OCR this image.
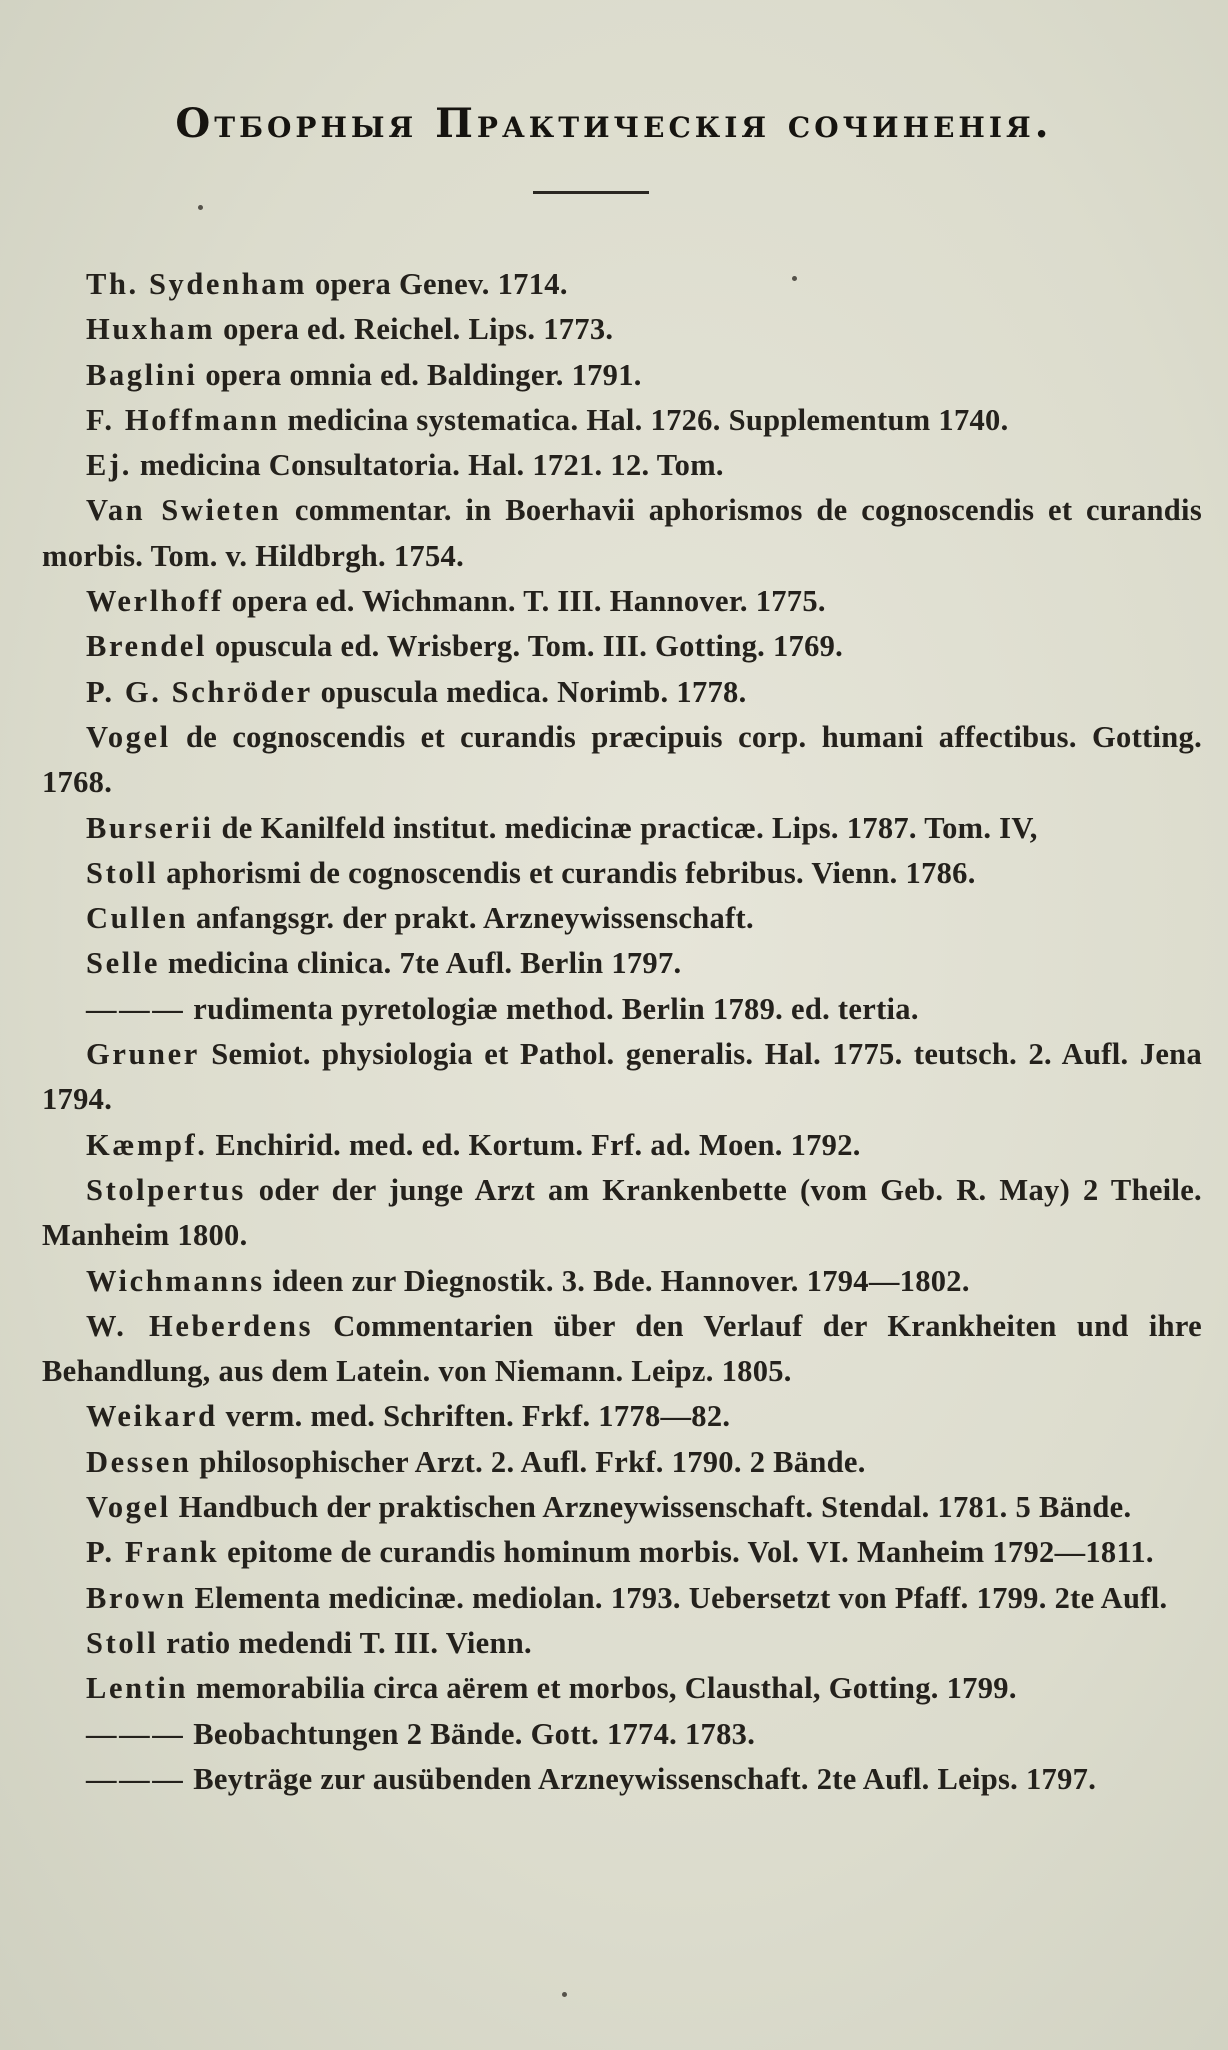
Отборныя Практическія сочиненія.

Th. Sydenham opera Genev. 1714.

Huxham opera ed. Reichel. Lips. 1773.

Baglini opera omnia ed. Baldinger. 1791.

F. Hoffmann medicina systematica. Hal. 1726. Supplementum 1740.

Ej. medicina Consultatoria. Hal. 1721. 12. Tom.

Van Swieten commentar. in Boerhavii aphorismos de cognoscendis et curandis morbis. Tom. v. Hildbrgh. 1754.

Werlhoff opera ed. Wichmann. T. III. Hannover. 1775.

Brendel opuscula ed. Wrisberg. Tom. III. Gotting. 1769.

P. G. Schröder opuscula medica. Norimb. 1778.

Vogel de cognoscendis et curandis præcipuis corp. humani affectibus. Gotting. 1768.

Burserii de Kanilfeld institut. medicinæ practicæ. Lips. 1787. Tom. IV,

Stoll aphorismi de cognoscendis et curandis febribus. Vienn. 1786.

Cullen anfangsgr. der prakt. Arzneywissenschaft.

Selle medicina clinica. 7te Aufl. Berlin 1797.

——— rudimenta pyretologiæ method. Berlin 1789. ed. tertia.

Gruner Semiot. physiologia et Pathol. generalis. Hal. 1775. teutsch. 2. Aufl. Jena 1794.

Kæmpf. Enchirid. med. ed. Kortum. Frf. ad. Moen. 1792.

Stolpertus oder der junge Arzt am Krankenbette (vom Geb. R. May) 2 Theile. Manheim 1800.

Wichmanns ideen zur Diegnostik. 3. Bde. Hannover. 1794—1802.

W. Heberdens Commentarien über den Verlauf der Krankheiten und ihre Behandlung, aus dem Latein. von Niemann. Leipz. 1805.

Weikard verm. med. Schriften. Frkf. 1778—82.

Dessen philosophischer Arzt. 2. Aufl. Frkf. 1790. 2 Bände.

Vogel Handbuch der praktischen Arzneywissenschaft. Stendal. 1781. 5 Bände.

P. Frank epitome de curandis hominum morbis. Vol. VI. Manheim 1792—1811.

Brown Elementa medicinæ. mediolan. 1793. Uebersetzt von Pfaff. 1799. 2te Aufl.

Stoll ratio medendi T. III. Vienn.

Lentin memorabilia circa aërem et morbos, Clausthal, Gotting. 1799.

——— Beobachtungen 2 Bände. Gott. 1774. 1783.

——— Beyträge zur ausübenden Arzneywissenschaft. 2te Aufl. Leips. 1797.
